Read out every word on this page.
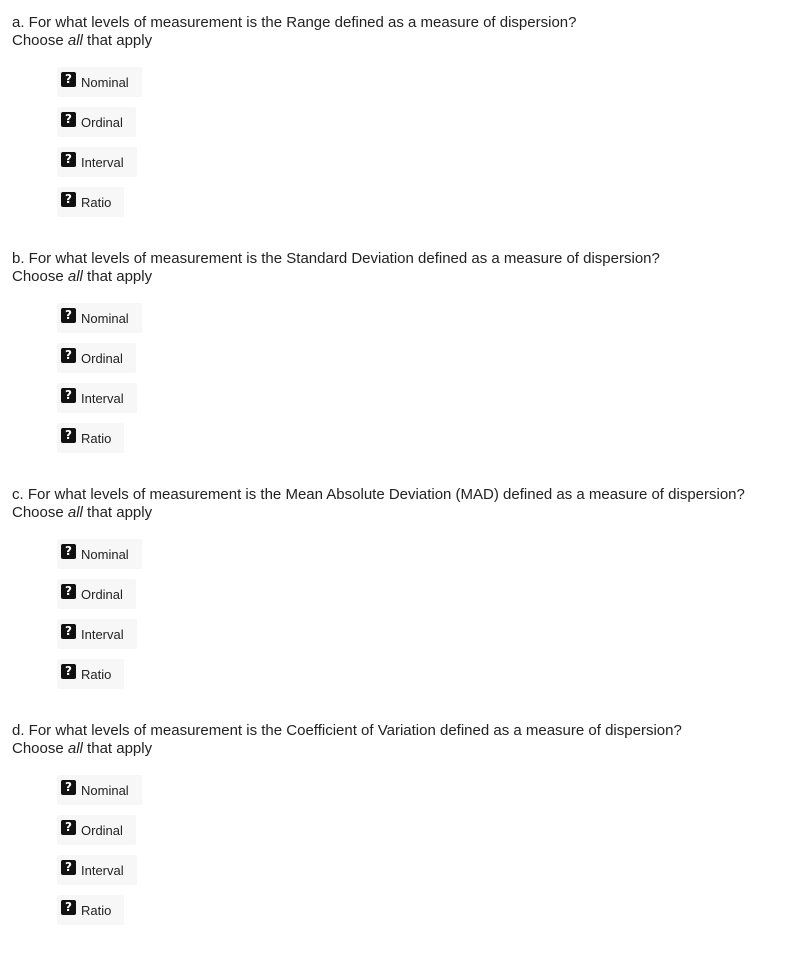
a. For what levels of measurement is the Range defined as a measure of dispersion?

Choose all that apply

? Nominal
? Ordinal
? Interval
? Ratio

b. For what levels of measurement is the Standard Deviation defined as a measure of dispersion?

Choose all that apply

? Nominal
? Ordinal
? Interval
? Ratio

c. For what levels of measurement is the Mean Absolute Deviation (MAD) defined as a measure of dispersion?

Choose all that apply

? Nominal
? Ordinal
? Interval
? Ratio

d. For what levels of measurement is the Coefficient of Variation defined as a measure of dispersion?

Choose all that apply

? Nominal
? Ordinal
? Interval
? Ratio
